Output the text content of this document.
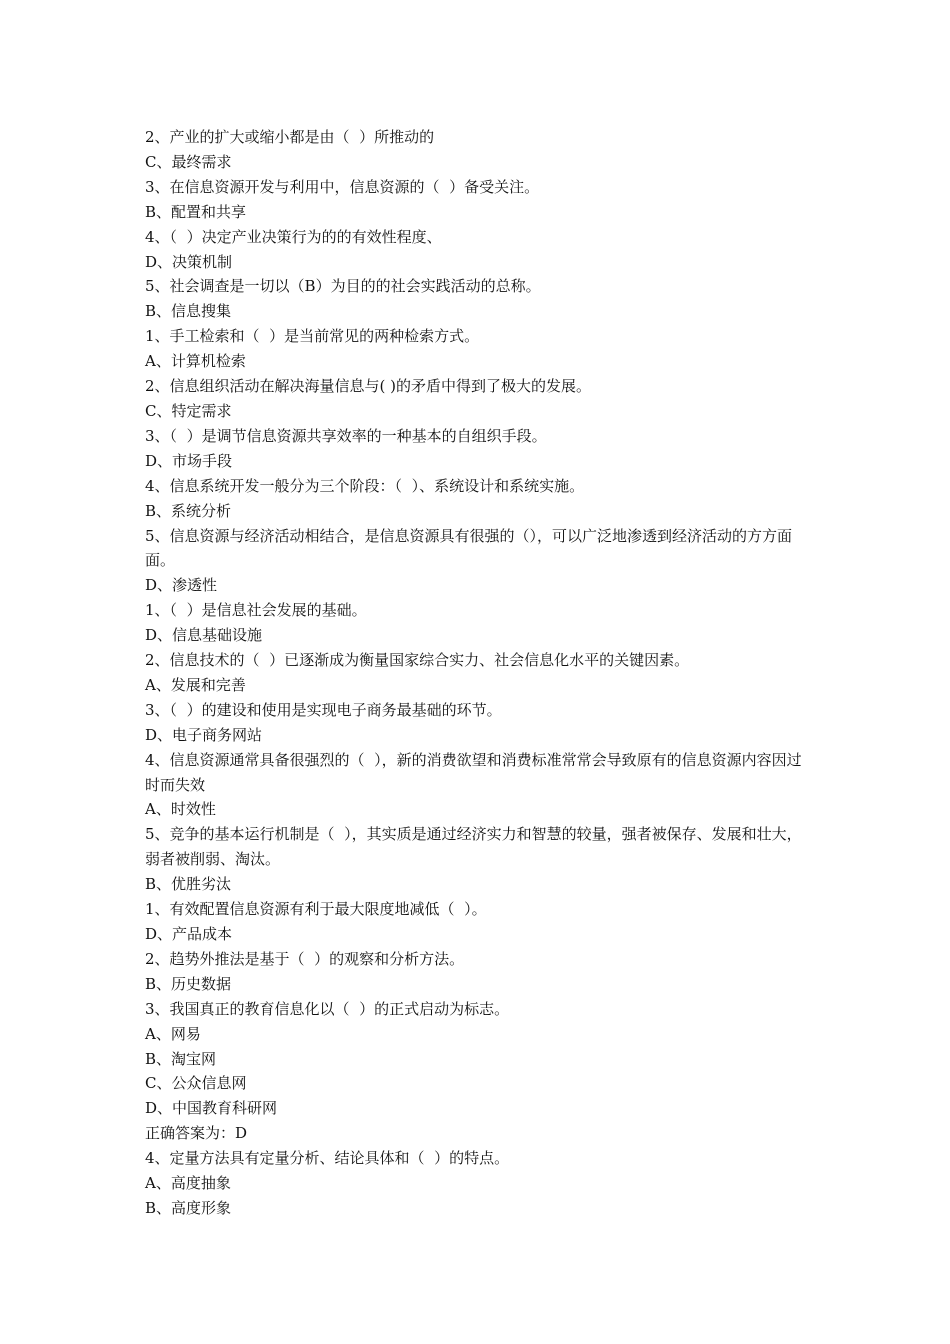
2、产业的扩大或缩小都是由（  ）所推动的

C、最终需求

3、在信息资源开发与利用中，信息资源的（  ）备受关注。

B、配置和共享

4、（  ）决定产业决策行为的的有效性程度、

D、决策机制

5、社会调查是一切以（B）为目的的社会实践活动的总称。

B、信息搜集

1、手工检索和（  ）是当前常见的两种检索方式。

A、计算机检索

2、信息组织活动在解决海量信息与( )的矛盾中得到了极大的发展。

C、特定需求

3、（  ）是调节信息资源共享效率的一种基本的自组织手段。

D、市场手段

4、信息系统开发一般分为三个阶段：（  ）、系统设计和系统实施。

B、系统分析

5、信息资源与经济活动相结合，是信息资源具有很强的（），可以广泛地渗透到经济活动的方方面面。

D、渗透性

1、（  ）是信息社会发展的基础。

D、信息基础设施

2、信息技术的（  ）已逐渐成为衡量国家综合实力、社会信息化水平的关键因素。

A、发展和完善

3、（  ）的建设和使用是实现电子商务最基础的环节。

D、电子商务网站

4、信息资源通常具备很强烈的（  ），新的消费欲望和消费标准常常会导致原有的信息资源内容因过时而失效

A、时效性

5、竞争的基本运行机制是（  ），其实质是通过经济实力和智慧的较量，强者被保存、发展和壮大，弱者被削弱、淘汰。

B、优胜劣汰

1、有效配置信息资源有利于最大限度地减低（  ）。

D、产品成本

2、趋势外推法是基于（  ）的观察和分析方法。

B、历史数据

3、我国真正的教育信息化以（  ）的正式启动为标志。

A、网易

B、淘宝网

C、公众信息网

D、中国教育科研网

正确答案为：D

4、定量方法具有定量分析、结论具体和（  ）的特点。

A、高度抽象

B、高度形象
